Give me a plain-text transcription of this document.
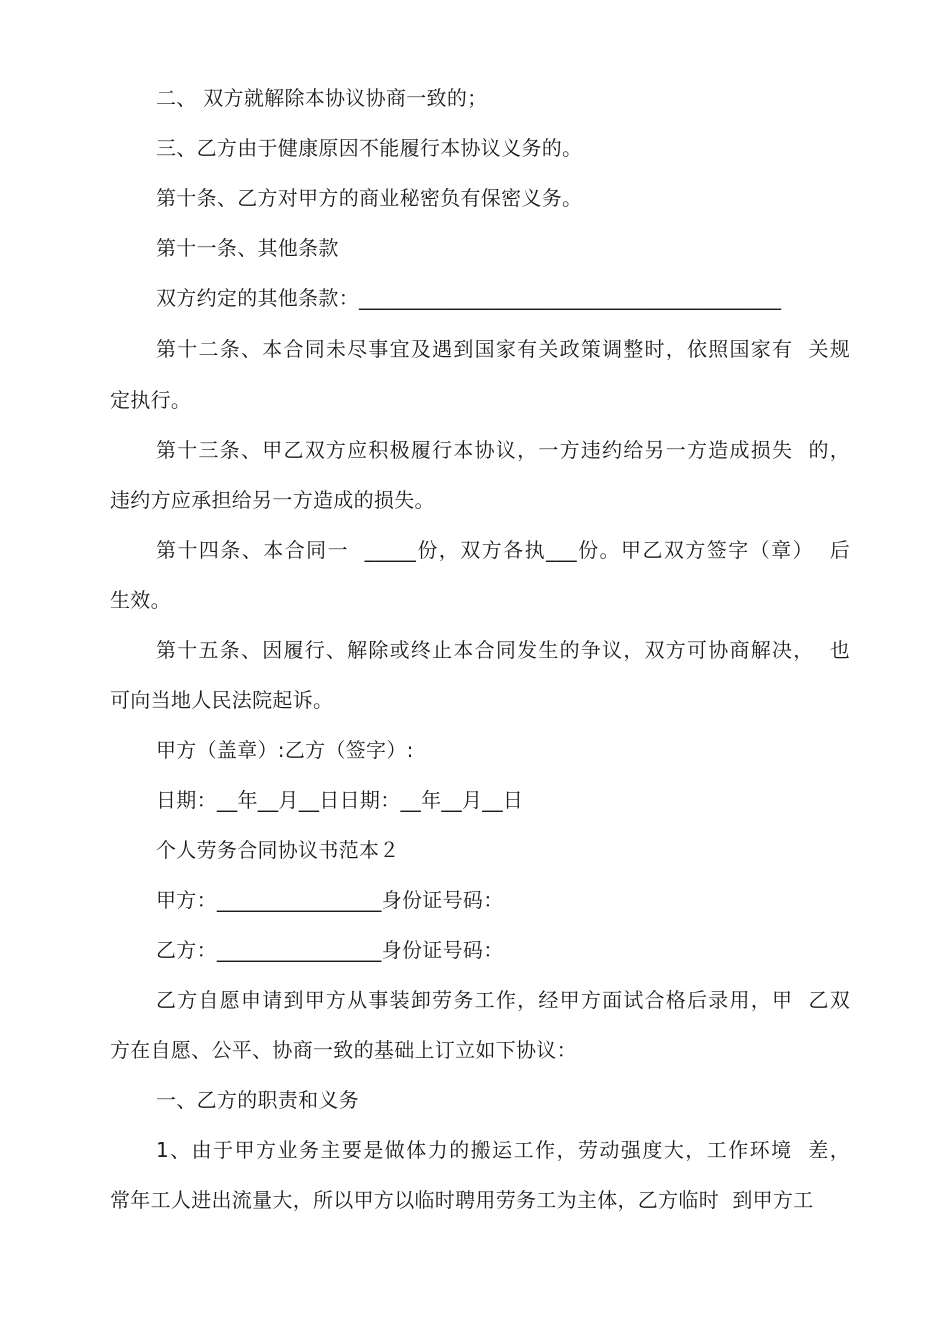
二、 双方就解除本协议协商一致的；
三、乙方由于健康原因不能履行本协议义务的。
第十条、乙方对甲方的商业秘密负有保密义务。
第十一条、其他条款
双方约定的其他条款：_________________________________________
第十二条、本合同未尽事宜及遇到国家有关政策调整时，依照国家有  关规
定执行。
第十三条、甲乙双方应积极履行本协议，一方违约给另一方造成损失  的，
违约方应承担给另一方造成的损失。
第十四条、本合同一  _____份，双方各执___份。甲乙双方签字（章）  后
生效。
第十五条、因履行、解除或终止本合同发生的争议，双方可协商解决，  也
可向当地人民法院起诉。
甲方（盖章）:乙方（签字）:
日期：__年__月__日日期：__年__月__日
个人劳务合同协议书范本２
甲方：________________身份证号码：
乙方：________________身份证号码：
乙方自愿申请到甲方从事装卸劳务工作，经甲方面试合格后录用，甲  乙双
方在自愿、公平、协商一致的基础上订立如下协议：
一、乙方的职责和义务
1、由于甲方业务主要是做体力的搬运工作，劳动强度大，工作环境  差，
常年工人进出流量大，所以甲方以临时聘用劳务工为主体，乙方临时  到甲方工
